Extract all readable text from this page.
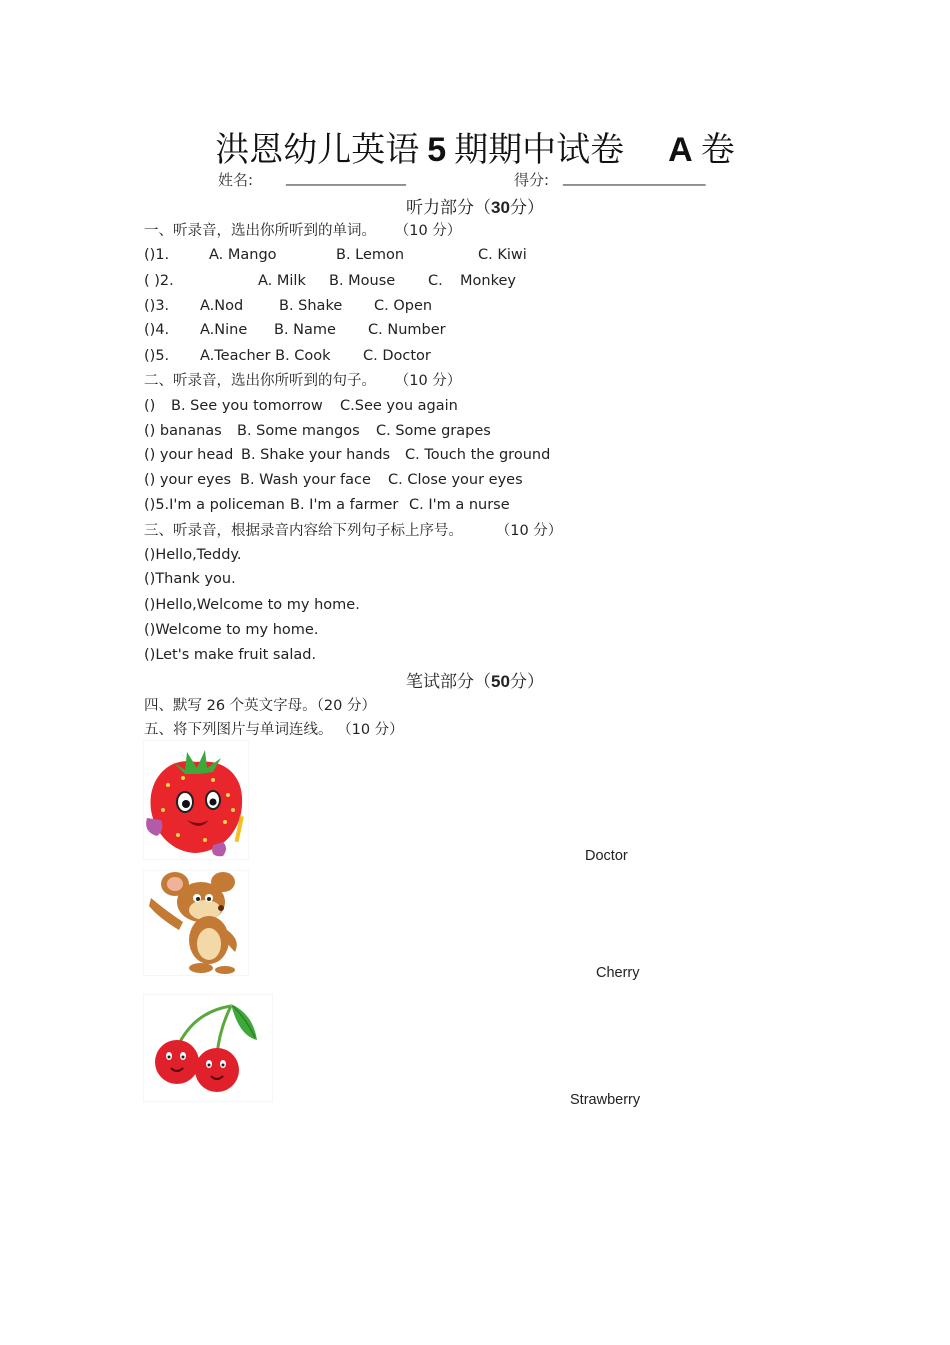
洪恩幼儿英语 5 期期中试卷 A 卷
姓名: ________________	得分: ___________________
听力部分（30分）
一、听录音，选出你所听到的单词。 （10 分）
()1.	A. Mango	B. Lemon	C. Kiwi
( )2.	A. Milk B. Mouse C. Monkey
()3. A.Nod B. Shake C. Open
()4. A.Nine B. Name C. Number
()5. A.Teacher B. Cook C. Doctor
二、听录音，选出你所听到的句子。 （10 分）
() B. See you tomorrow C.See you again
() bananas B. Some mangos C. Some grapes
() your head B. Shake your hands C. Touch the ground
() your eyes B. Wash your face C. Close your eyes
()5.I'm a policeman B. I'm a farmer C. I'm a nurse
三、听录音，根据录音内容给下列句子标上序号。	（10 分）
()Hello,Teddy.
()Thank you.
()Hello,Welcome to my home.
()Welcome to my home.
()Let's make fruit salad.
笔试部分（50分）
四、默写 26 个英文字母。（20 分）
五、将下列图片与单词连线。 （10 分）
Doctor
Cherry
Strawberry
